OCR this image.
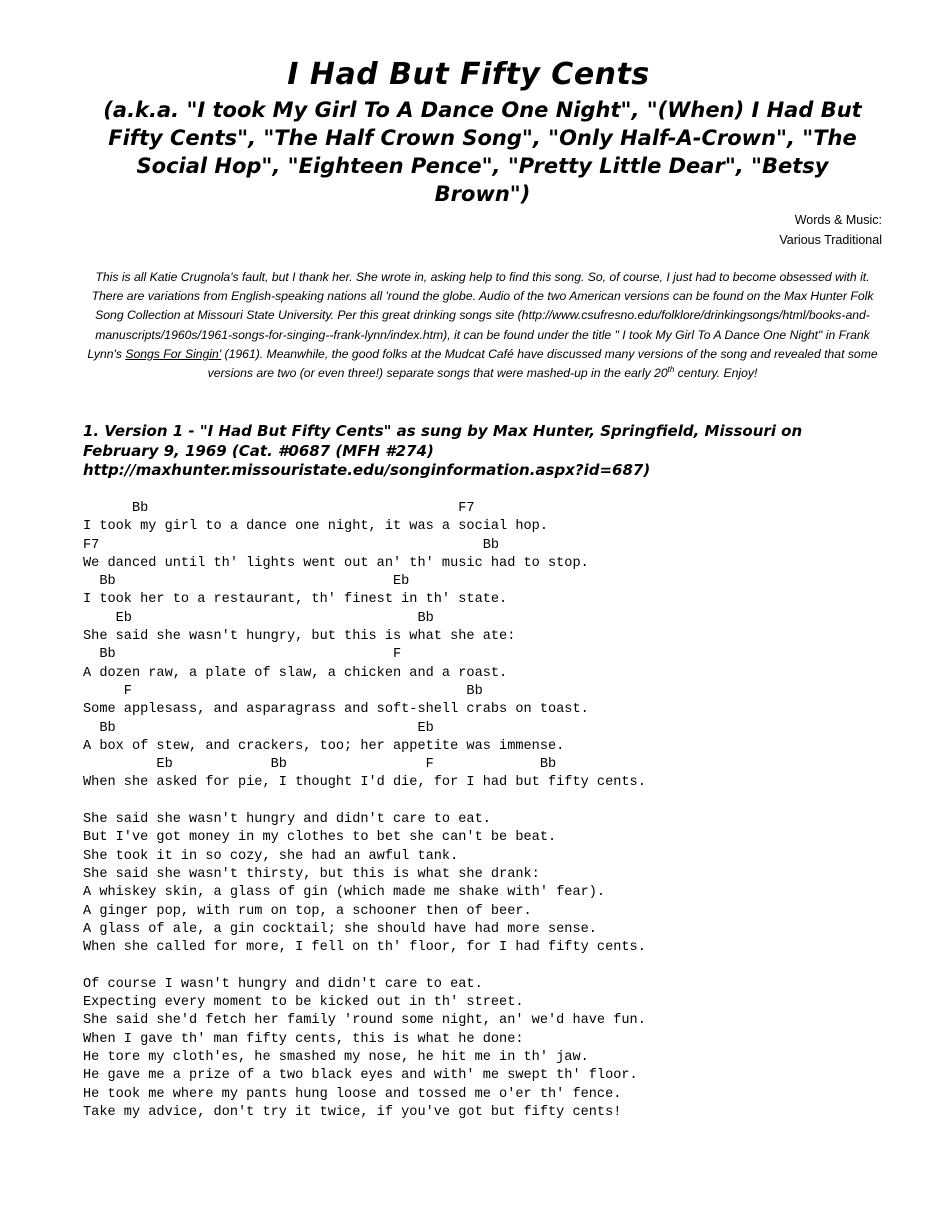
I Had But Fifty Cents
(a.k.a. "I took My Girl To A Dance One Night", "(When) I Had But Fifty Cents", "The Half Crown Song", "Only Half-A-Crown", "The Social Hop", "Eighteen Pence", "Pretty Little Dear", "Betsy Brown")
Words & Music:
Various Traditional
This is all Katie Crugnola's fault, but I thank her. She wrote in, asking help to find this song. So, of course, I just had to become obsessed with it. There are variations from English-speaking nations all 'round the globe. Audio of the two American versions can be found on the Max Hunter Folk Song Collection at Missouri State University. Per this great drinking songs site (http://www.csufresno.edu/folklore/drinkingsongs/html/books-and-manuscripts/1960s/1961-songs-for-singing--frank-lynn/index.htm), it can be found under the title " I took My Girl To A Dance One Night" in Frank Lynn's Songs For Singin' (1961). Meanwhile, the good folks at the Mudcat Café have discussed many versions of the song and revealed that some versions are two (or even three!) separate songs that were mashed-up in the early 20th century. Enjoy!
1. Version 1 - "I Had But Fifty Cents" as sung by Max Hunter, Springfield, Missouri on February 9, 1969 (Cat. #0687 (MFH #274)
http://maxhunter.missouristate.edu/songinformation.aspx?id=687)
Bb                                      F7
I took my girl to a dance one night, it was a social hop.
F7                                               Bb
We danced until th' lights went out an' th' music had to stop.
Bb                                  Eb
I took her to a restaurant, th' finest in th' state.
Eb                                   Bb
She said she wasn't hungry, but this is what she ate:
Bb                                  F
A dozen raw, a plate of slaw, a chicken and a roast.
F                                         Bb
Some applesass, and asparagrass and soft-shell crabs on toast.
Bb                                     Eb
A box of stew, and crackers, too; her appetite was immense.
Eb            Bb                 F             Bb
When she asked for pie, I thought I'd die, for I had but fifty cents.

She said she wasn't hungry and didn't care to eat.
But I've got money in my clothes to bet she can't be beat.
She took it in so cozy, she had an awful tank.
She said she wasn't thirsty, but this is what she drank:
A whiskey skin, a glass of gin (which made me shake with' fear).
A ginger pop, with rum on top, a schooner then of beer.
A glass of ale, a gin cocktail; she should have had more sense.
When she called for more, I fell on th' floor, for I had fifty cents.

Of course I wasn't hungry and didn't care to eat.
Expecting every moment to be kicked out in th' street.
She said she'd fetch her family 'round some night, an' we'd have fun.
When I gave th' man fifty cents, this is what he done:
He tore my cloth'es, he smashed my nose, he hit me in th' jaw.
He gave me a prize of a two black eyes and with' me swept th' floor.
He took me where my pants hung loose and tossed me o'er th' fence.
Take my advice, don't try it twice, if you've got but fifty cents!
